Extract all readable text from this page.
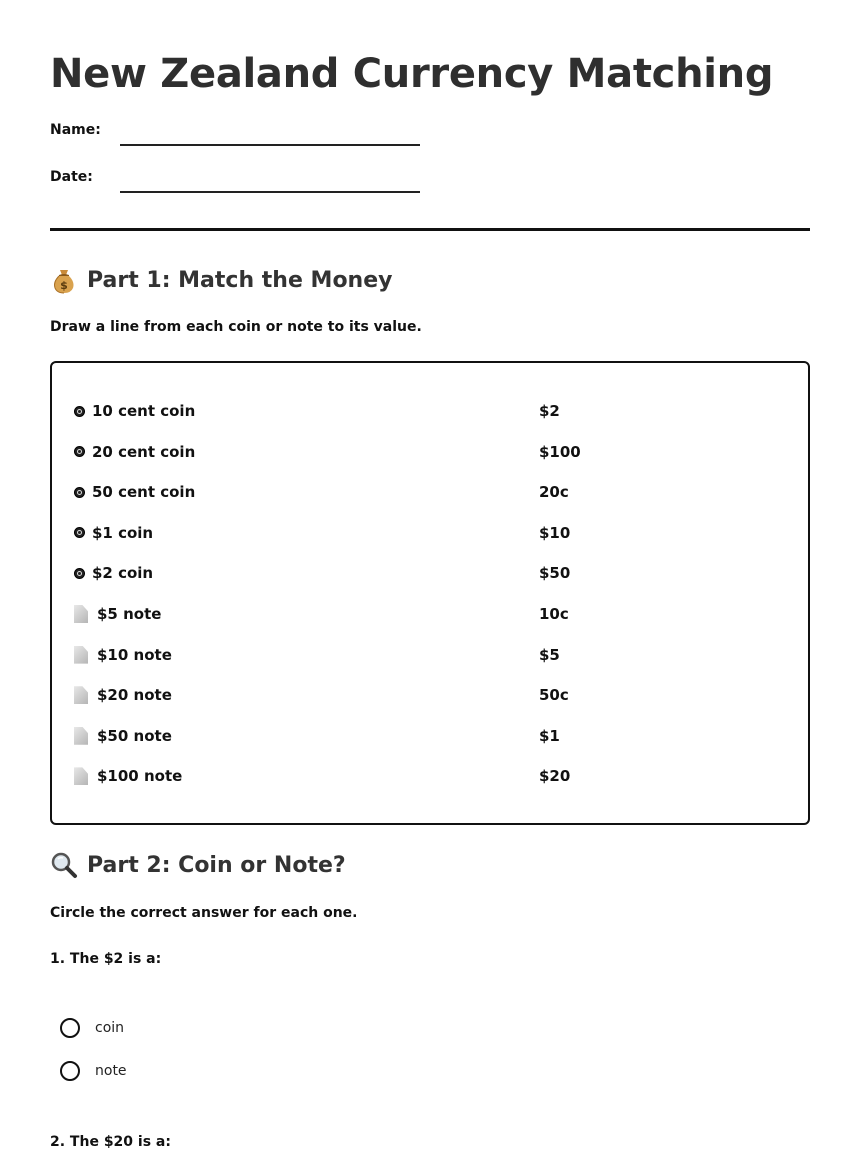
New Zealand Currency Matching
Name:
Date:
$ Part 1: Match the Money
Draw a line from each coin or note to its value.
10 cent coin	$2
20 cent coin	$100
50 cent coin	20c
$1 coin	$10
$2 coin	$50
$5 note	10c
$10 note	$5
$20 note	50c
$50 note	$1
$100 note	$20
Part 2: Coin or Note?
Circle the correct answer for each one.
1. The $2 is a:
coin
note
2. The $20 is a:
